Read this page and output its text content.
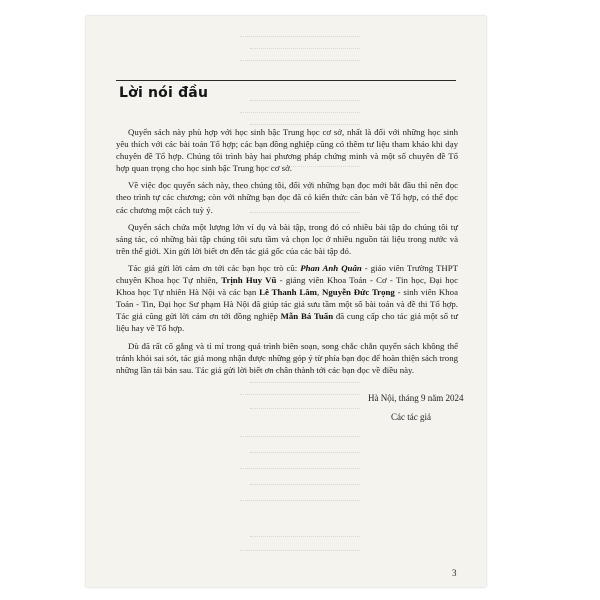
Lời nói đầu

Quyển sách này phù hợp với học sinh bậc Trung học cơ sở, nhất là đối với những học sinh yêu thích với các bài toán Tổ hợp; các bạn đồng nghiệp cũng có thêm tư liệu tham khảo khi dạy chuyên đề Tổ hợp. Chúng tôi trình bày hai phương pháp chứng minh và một số chuyên đề Tổ hợp quan trọng cho học sinh bậc Trung học cơ sở.

Về việc đọc quyển sách này, theo chúng tôi, đối với những bạn đọc mới bắt đầu thì nên đọc theo trình tự các chương; còn với những bạn đọc đã có kiến thức căn bản về Tổ hợp, có thể đọc các chương một cách tuỳ ý.

Quyển sách chứa một lượng lớn ví dụ và bài tập, trong đó có nhiều bài tập do chúng tôi tự sáng tác, có những bài tập chúng tôi sưu tầm và chọn lọc ở nhiều nguồn tài liệu trong nước và trên thế giới. Xin gửi lời biết ơn đến tác giả gốc của các bài tập đó.

Tác giả gửi lời cảm ơn tới các bạn học trò cũ: Phan Anh Quân - giáo viên Trường THPT chuyên Khoa học Tự nhiên, Trịnh Huy Vũ - giảng viên Khoa Toán - Cơ - Tin học, Đại học Khoa học Tự nhiên Hà Nội và các bạn Lê Thanh Lâm, Nguyễn Đức Trọng - sinh viên Khoa Toán - Tin, Đại học Sư phạm Hà Nội đã giúp tác giả sưu tầm một số bài toán và đề thi Tổ hợp. Tác giả cũng gửi lời cảm ơn tới đồng nghiệp Mẫn Bá Tuấn đã cung cấp cho tác giả một số tư liệu hay về Tổ hợp.

Dù đã rất cố gắng và tỉ mỉ trong quá trình biên soạn, song chắc chắn quyển sách không thể tránh khỏi sai sót, tác giả mong nhận được những góp ý từ phía bạn đọc để hoàn thiện sách trong những lần tái bản sau. Tác giả gửi lời biết ơn chân thành tới các bạn đọc về điều này.

Hà Nội, tháng 9 năm 2024
Các tác giả
3
